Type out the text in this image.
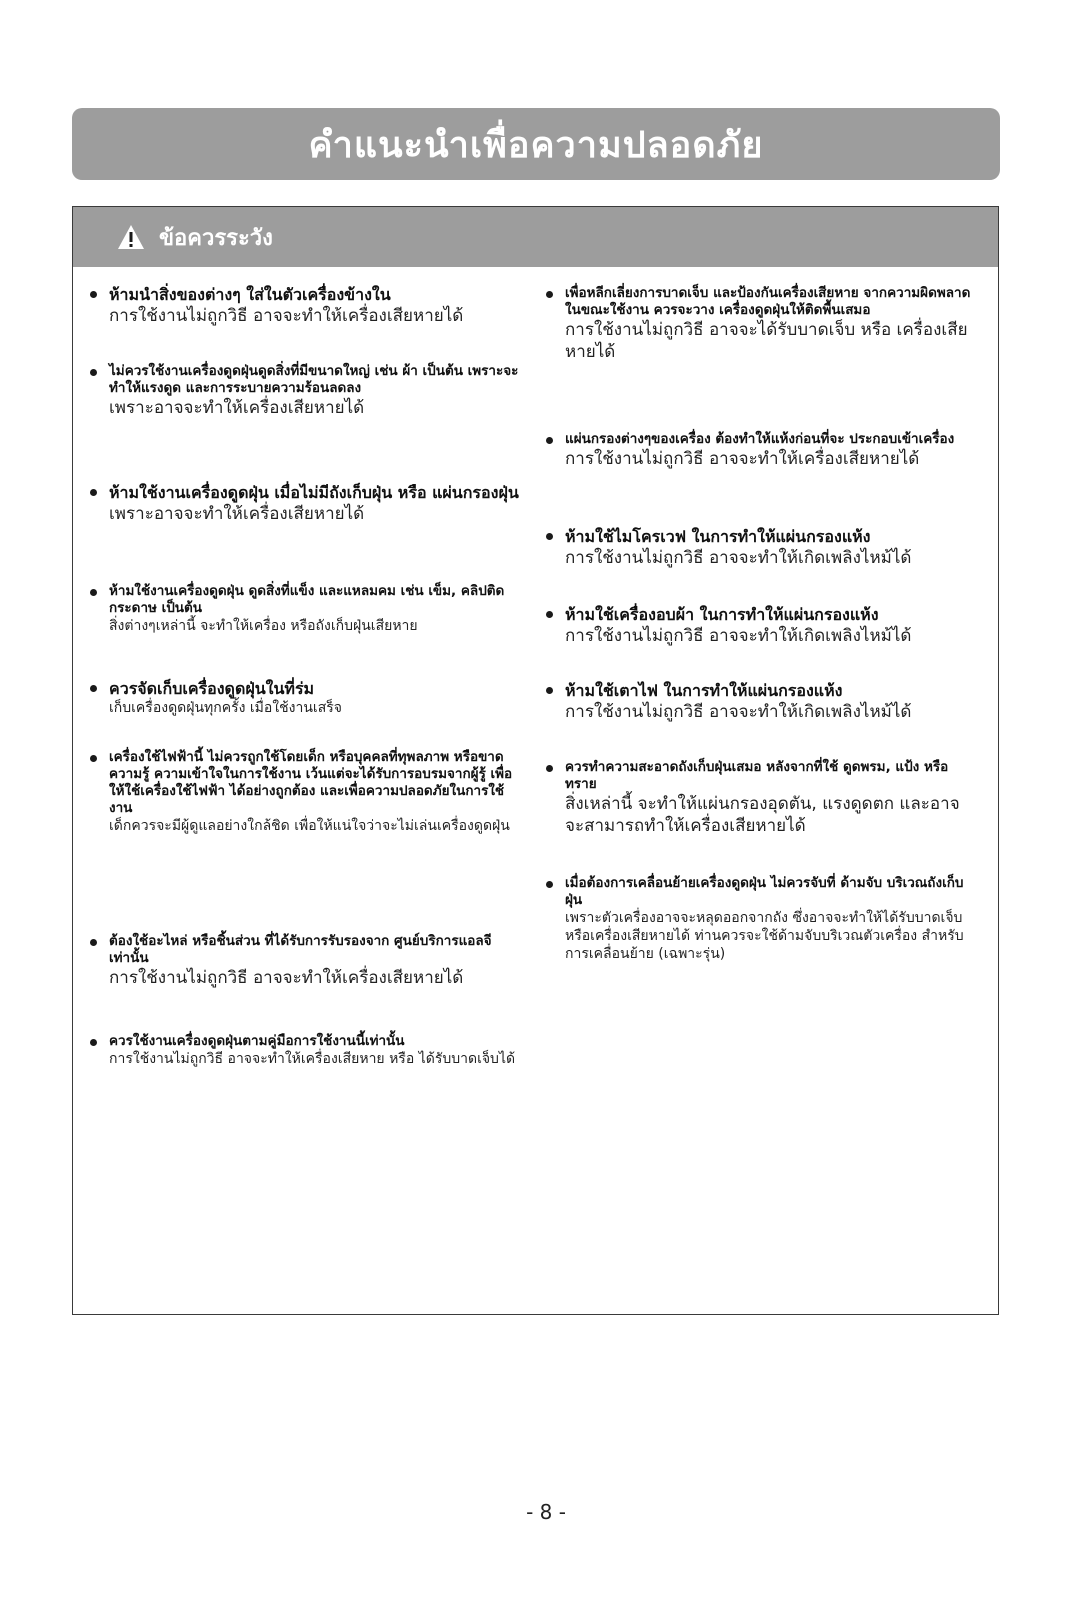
คำแนะนำเพื่อความปลอดภัย
ข้อควรระวัง
ห้ามนำสิ่งของต่างๆ ใส่ในตัวเครื่องข้างใน
การใช้งานไม่ถูกวิธี อาจจะทำให้เครื่องเสียหายได้
ไม่ควรใช้งานเครื่องดูดฝุ่นดูดสิ่งที่มีขนาดใหญ่ เช่น ผ้า เป็นต้น เพราะจะทำให้แรงดูด และการระบายความร้อนลดลง
เพราะอาจจะทำให้เครื่องเสียหายได้
ห้ามใช้งานเครื่องดูดฝุ่น เมื่อไม่มีถังเก็บฝุ่น หรือ แผ่นกรองฝุ่น
เพราะอาจจะทำให้เครื่องเสียหายได้
ห้ามใช้งานเครื่องดูดฝุ่น ดูดสิ่งที่แข็ง และแหลมคม เช่น เข็ม, คลิปติดกระดาษ เป็นต้น
สิ่งต่างๆเหล่านี้ จะทำให้เครื่อง หรือถังเก็บฝุ่นเสียหาย
ควรจัดเก็บเครื่องดูดฝุ่นในที่ร่ม
เก็บเครื่องดูดฝุ่นทุกครั้ง เมื่อใช้งานเสร็จ
เครื่องใช้ไฟฟ้านี้ ไม่ควรถูกใช้โดยเด็ก หรือบุคคลที่ทุพลภาพ หรือขาดความรู้ ความเข้าใจในการใช้งาน เว้นแต่จะได้รับการอบรมจากผู้รู้ เพื่อให้ใช้เครื่องใช้ไฟฟ้า ได้อย่างถูกต้อง และเพื่อความปลอดภัยในการใช้งาน
เด็กควรจะมีผู้ดูแลอย่างใกล้ชิด เพื่อให้แน่ใจว่าจะไม่เล่นเครื่องดูดฝุ่น
ต้องใช้อะไหล่ หรือชิ้นส่วน ที่ได้รับการรับรองจาก ศูนย์บริการแอลจี เท่านั้น
การใช้งานไม่ถูกวิธี อาจจะทำให้เครื่องเสียหายได้
ควรใช้งานเครื่องดูดฝุ่นตามคู่มือการใช้งานนี้เท่านั้น
การใช้งานไม่ถูกวิธี อาจจะทำให้เครื่องเสียหาย หรือ ได้รับบาดเจ็บได้
เพื่อหลีกเลี่ยงการบาดเจ็บ และป้องกันเครื่องเสียหาย จากความผิดพลาดในขณะใช้งาน ควรจะวาง เครื่องดูดฝุ่นให้ติดพื้นเสมอ
การใช้งานไม่ถูกวิธี อาจจะได้รับบาดเจ็บ หรือ เครื่องเสียหายได้
แผ่นกรองต่างๆของเครื่อง ต้องทำให้แห้งก่อนที่จะ ประกอบเข้าเครื่อง
การใช้งานไม่ถูกวิธี อาจจะทำให้เครื่องเสียหายได้
ห้ามใช้ไมโครเวฟ ในการทำให้แผ่นกรองแห้ง
การใช้งานไม่ถูกวิธี อาจจะทำให้เกิดเพลิงไหม้ได้
ห้ามใช้เครื่องอบผ้า ในการทำให้แผ่นกรองแห้ง
การใช้งานไม่ถูกวิธี อาจจะทำให้เกิดเพลิงไหม้ได้
ห้ามใช้เตาไฟ ในการทำให้แผ่นกรองแห้ง
การใช้งานไม่ถูกวิธี อาจจะทำให้เกิดเพลิงไหม้ได้
ควรทำความสะอาดถังเก็บฝุ่นเสมอ หลังจากที่ใช้ ดูดพรม, แป้ง หรือทราย
สิ่งเหล่านี้ จะทำให้แผ่นกรองอุดตัน, แรงดูดตก และอาจจะสามารถทำให้เครื่องเสียหายได้
เมื่อต้องการเคลื่อนย้ายเครื่องดูดฝุ่น ไม่ควรจับที่ ด้ามจับ บริเวณถังเก็บฝุ่น
เพราะตัวเครื่องอาจจะหลุดออกจากถัง ซึ่งอาจจะทำให้ได้รับบาดเจ็บ หรือเครื่องเสียหายได้ ท่านควรจะใช้ด้ามจับบริเวณตัวเครื่อง สำหรับการเคลื่อนย้าย (เฉพาะรุ่น)
- 8 -
